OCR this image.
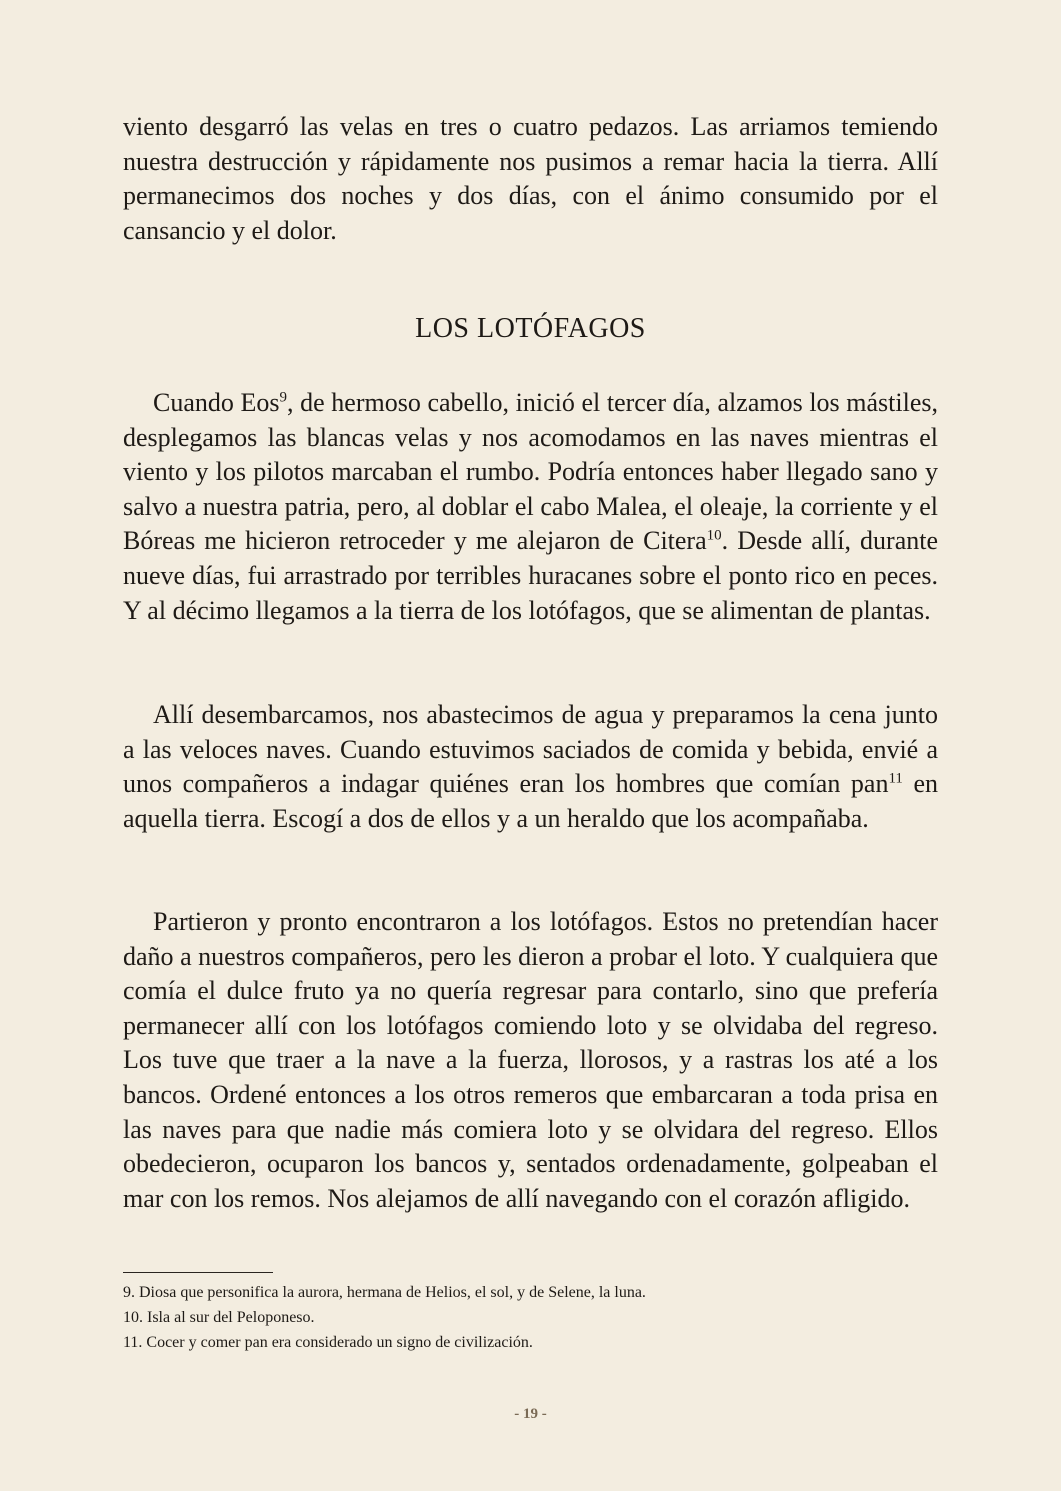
viento desgarró las velas en tres o cuatro pedazos. Las arriamos temiendo nuestra destrucción y rápidamente nos pusimos a remar hacia la tierra. Allí permanecimos dos noches y dos días, con el ánimo consumido por el cansancio y el dolor.

LOS LOTÓFAGOS

Cuando Eos$^9$, de hermoso cabello, inició el tercer día, alzamos los mástiles, desplegamos las blancas velas y nos acomodamos en las naves mientras el viento y los pilotos marcaban el rumbo. Podría entonces haber llegado sano y salvo a nuestra patria, pero, al doblar el cabo Malea, el oleaje, la corriente y el Bóreas me hicieron retroceder y me alejaron de Citera$^{10}$. Desde allí, durante nueve días, fui arrastrado por terribles huracanes sobre el ponto rico en peces. Y al décimo llegamos a la tierra de los lotófagos, que se alimentan de plantas.

Allí desembarcamos, nos abastecimos de agua y preparamos la cena junto a las veloces naves. Cuando estuvimos saciados de comida y bebida, envié a unos compañeros a indagar quiénes eran los hombres que comían pan$^{11}$ en aquella tierra. Escogí a dos de ellos y a un heraldo que los acompañaba.

Partieron y pronto encontraron a los lotófagos. Estos no pretendían hacer daño a nuestros compañeros, pero les dieron a probar el loto. Y cualquiera que comía el dulce fruto ya no quería regresar para contarlo, sino que prefería permanecer allí con los lotófagos comiendo loto y se olvidaba del regreso. Los tuve que traer a la nave a la fuerza, llorosos, y a rastras los até a los bancos. Ordené entonces a los otros remeros que embarcaran a toda prisa en las naves para que nadie más comiera loto y se olvidara del regreso. Ellos obedecieron, ocuparon los bancos y, sentados ordenadamente, golpeaban el mar con los remos. Nos alejamos de allí navegando con el corazón afligido.

9. Diosa que personifica la aurora, hermana de Helios, el sol, y de Selene, la luna.
10. Isla al sur del Peloponeso.
11. Cocer y comer pan era considerado un signo de civilización.
- 19 -
